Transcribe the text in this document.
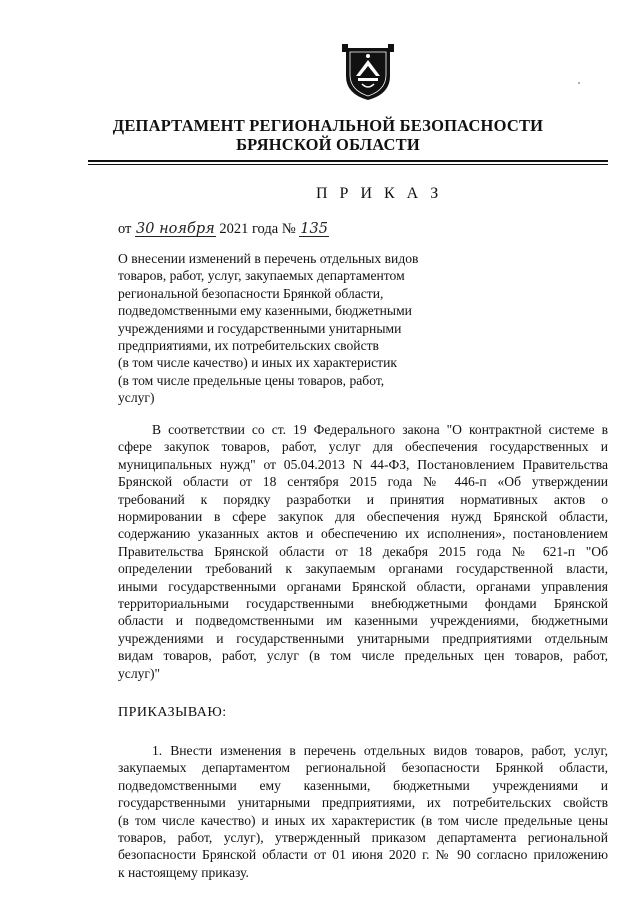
ДЕПАРТАМЕНТ РЕГИОНАЛЬНОЙ БЕЗОПАСНОСТИ
БРЯНСКОЙ ОБЛАСТИ
П Р И К А З
от 30 ноября 2021 года № 135
О внесении изменений в перечень отдельных видов
товаров, работ, услуг, закупаемых департаментом
региональной безопасности Брянкой области,
подведомственными ему казенными, бюджетными
учреждениями и государственными унитарными
предприятиями, их потребительских свойств
(в том числе качество) и иных их характеристик
(в том числе предельные цены товаров, работ,
услуг)
В соответствии со ст. 19 Федерального закона "О контрактной системе в
сфере закупок товаров, работ, услуг для обеспечения государственных и
муниципальных нужд" от 05.04.2013 N 44-ФЗ, Постановлением Правительства
Брянской области от 18 сентября 2015 года № 446-п «Об утверждении
требований к порядку разработки и принятия нормативных актов о
нормировании в сфере закупок для обеспечения нужд Брянской области,
содержанию указанных актов и обеспечению их исполнения», постановлением
Правительства Брянской области от 18 декабря 2015 года № 621-п "Об
определении требований к закупаемым органами государственной власти,
иными государственными органами Брянской области, органами управления
территориальными государственными внебюджетными фондами Брянской
области и подведомственными им казенными учреждениями, бюджетными
учреждениями и государственными унитарными предприятиями отдельным
видам товаров, работ, услуг (в том числе предельных цен товаров, работ,
услуг)"
ПРИКАЗЫВАЮ:
1. Внести изменения в перечень отдельных видов товаров, работ, услуг,
закупаемых департаментом региональной безопасности Брянкой области,
подведомственными ему казенными, бюджетными учреждениями и
государственными унитарными предприятиями, их потребительских свойств
(в том числе качество) и иных их характеристик (в том числе предельные цены
товаров, работ, услуг), утвержденный приказом департамента региональной
безопасности Брянской области от 01 июня 2020 г. № 90 согласно приложению
к настоящему приказу.
